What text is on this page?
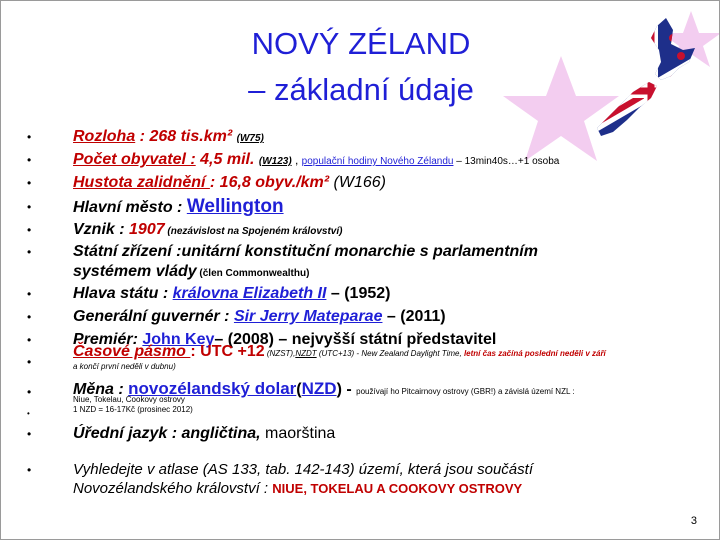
NOVÝ ZÉLAND
– základní údaje
•
•
•
•
•
•
•
•
•
•
•
•
•
•
Rozloha : 268 tis.km² (W75)
Počet obyvatel : 4,5 mil. (W123) , populační hodiny Nového Zélandu – 13min40s…+1 osoba
Hustota zalidnění : 16,8 obyv./km² (W166)
Hlavní město : Wellington
Vznik : 1907 (nezávislost na Spojeném království)
Státní zřízení :unitární konstituční monarchie s parlamentním
systémem vlády (člen Commonwealthu)
Hlava státu : královna Elizabeth II – (1952)
Generální guvernér : Sir Jerry Mateparae – (2011)
Premiér: John Key– (2008) – nejvyšší státní představitel
Časové pásmo : UTC +12 (NZST),NZDT (UTC+13) - New Zealand Daylight Time, letní čas začíná poslední neděli v září
a končí první neděli v dubnu)
Měna : novozélandský dolar(NZD) - používají ho Pitcairnovy ostrovy (GBR!) a závislá území NZL :
Niue, Tokelau, Cookovy ostrovy
1 NZD = 16-17Kč (prosinec 2012)
Úřední jazyk : angličtina, maorština
Vyhledejte v atlase (AS 133, tab. 142-143) území, která jsou součástí
Novozélandského království : NIUE, TOKELAU A COOKOVY OSTROVY
3
